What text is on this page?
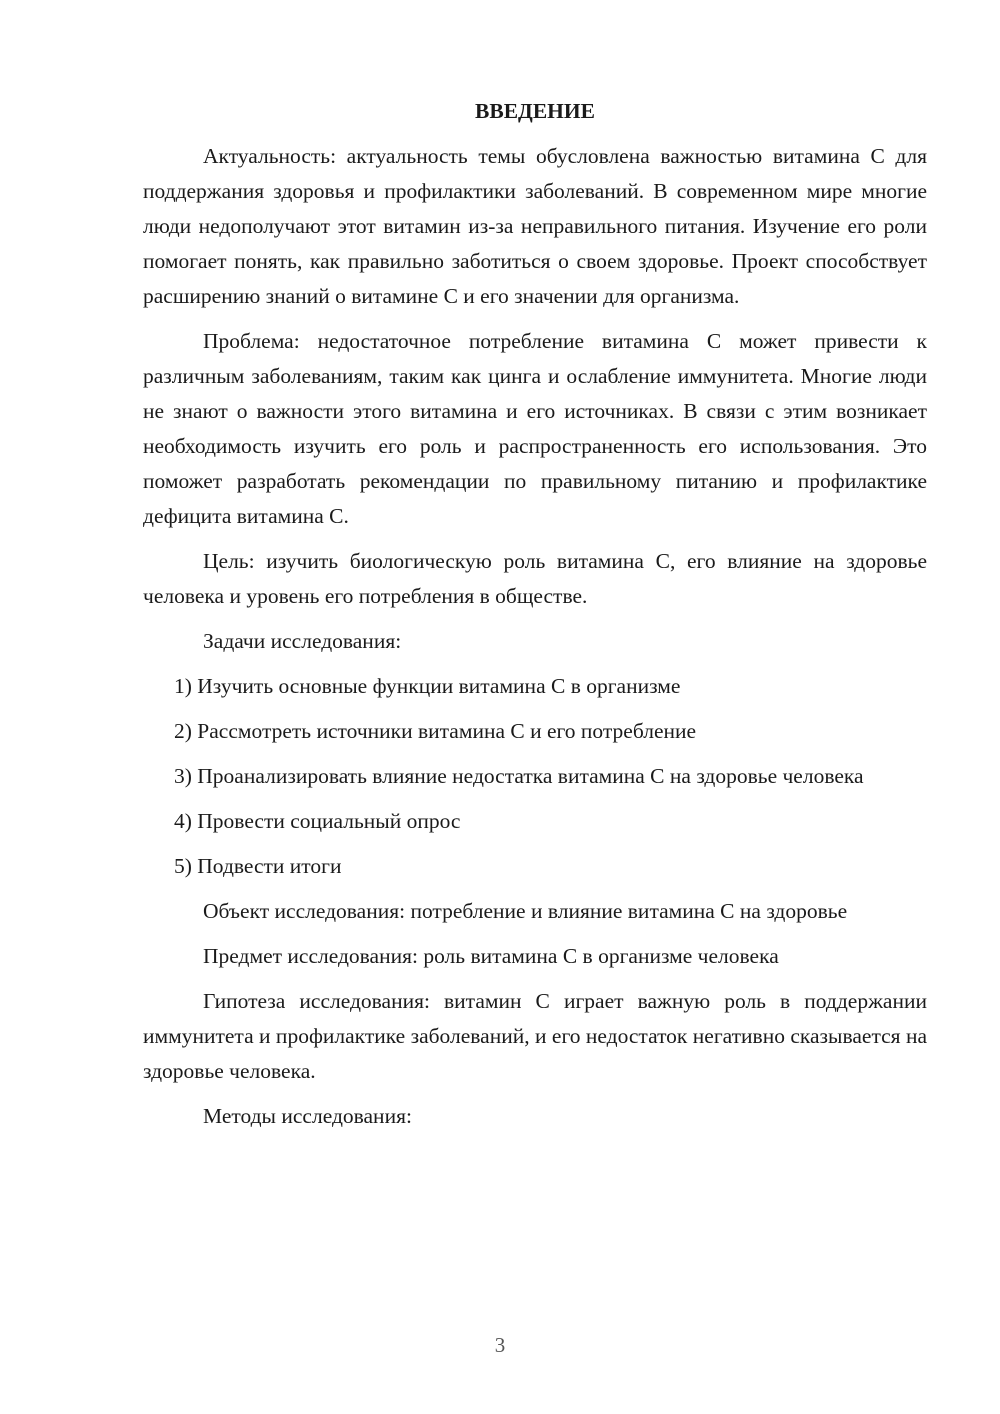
ВВЕДЕНИЕ

Актуальность: актуальность темы обусловлена важностью витамина C для поддержания здоровья и профилактики заболеваний. В современном мире многие люди недополучают этот витамин из-за неправильного питания. Изучение его роли помогает понять, как правильно заботиться о своем здоровье. Проект способствует расширению знаний о витамине C и его значении для организма.

Проблема: недостаточное потребление витамина C может привести к различным заболеваниям, таким как цинга и ослабление иммунитета. Многие люди не знают о важности этого витамина и его источниках. В связи с этим возникает необходимость изучить его роль и распространенность его использования. Это поможет разработать рекомендации по правильному питанию и профилактике дефицита витамина C.

Цель: изучить биологическую роль витамина C, его влияние на здоровье человека и уровень его потребления в обществе.

Задачи исследования:

1) Изучить основные функции витамина C в организме

2) Рассмотреть источники витамина C и его потребление

3) Проанализировать влияние недостатка витамина C на здоровье человека

4) Провести социальный опрос

5) Подвести итоги

Объект исследования: потребление и влияние витамина C на здоровье

Предмет исследования: роль витамина C в организме человека

Гипотеза исследования: витамин C играет важную роль в поддержании иммунитета и профилактике заболеваний, и его недостаток негативно сказывается на здоровье человека.

Методы исследования:

3
